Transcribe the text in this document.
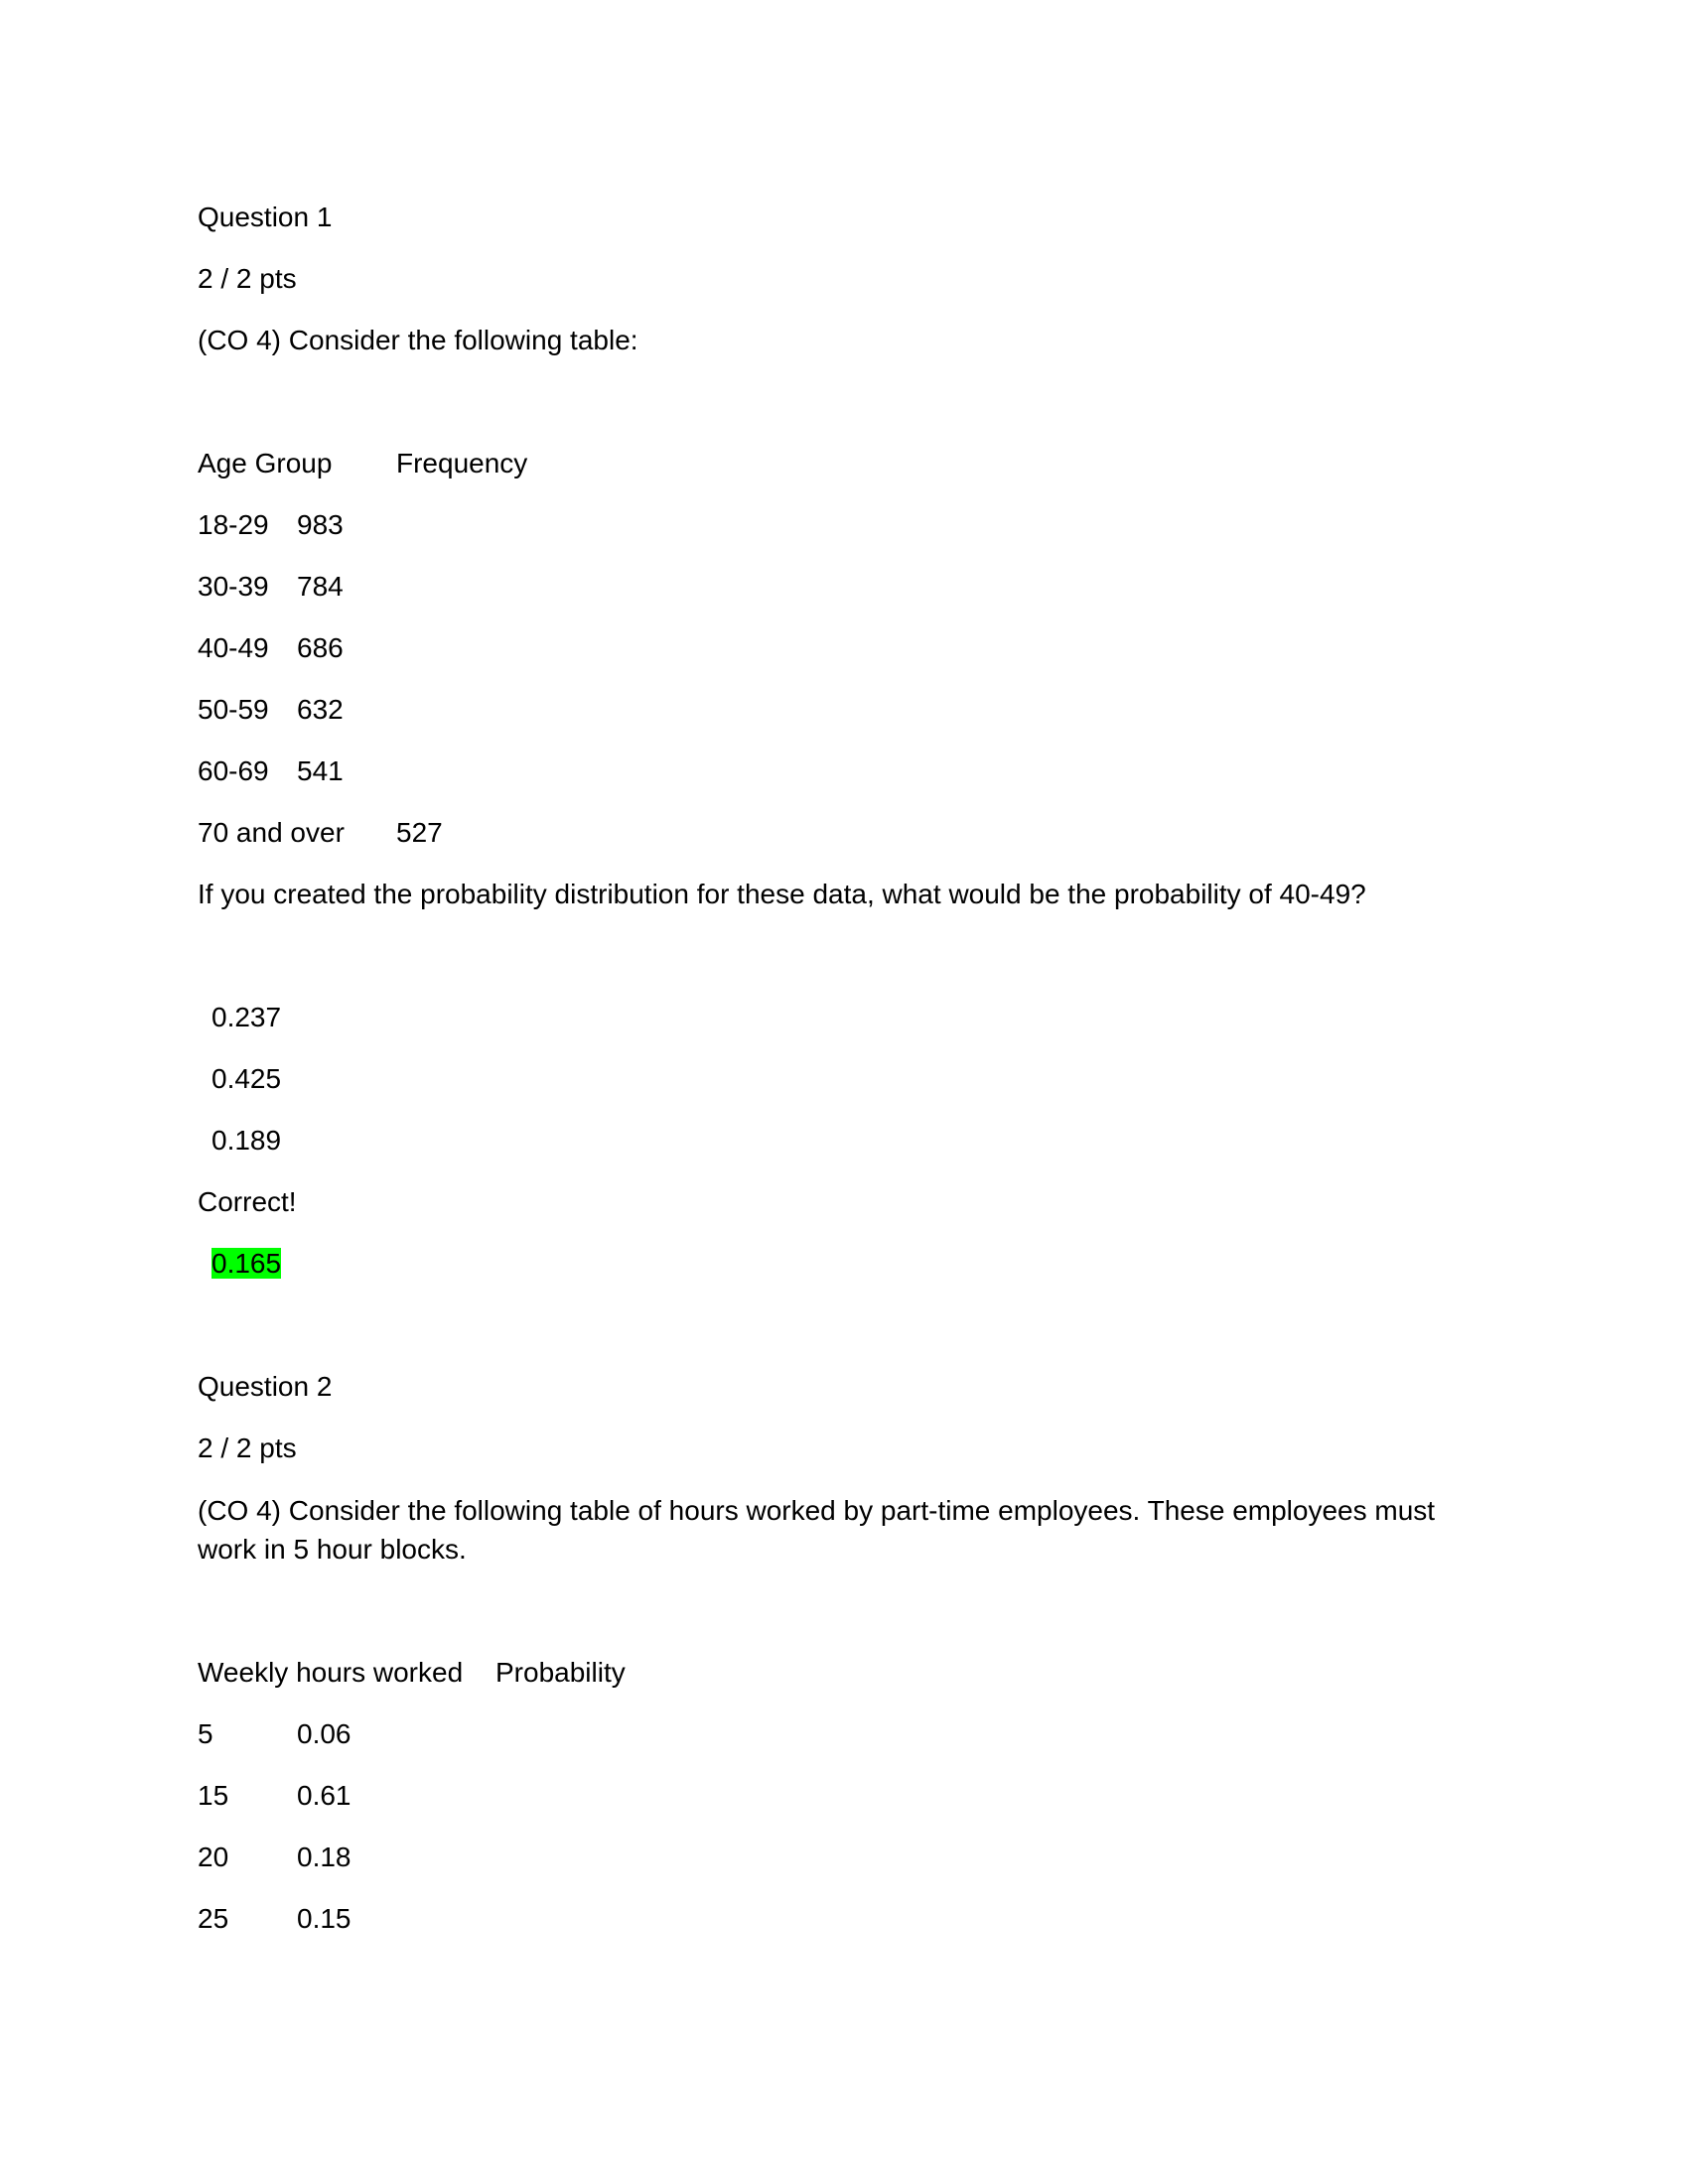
Question 1
2 / 2 pts
(CO 4) Consider the following table:
Age Group Frequency
18-29 983
30-39 784
40-49 686
50-59 632
60-69 541
70 and over 527
If you created the probability distribution for these data, what would be the probability of 40-49?
0.237
0.425
0.189
Correct!
0.165
Question 2
2 / 2 pts
(CO 4) Consider the following table of hours worked by part-time employees. These employees must work in 5 hour blocks.
Weekly hours worked Probability
5	0.06
15 0.61
20 0.18
25 0.15
